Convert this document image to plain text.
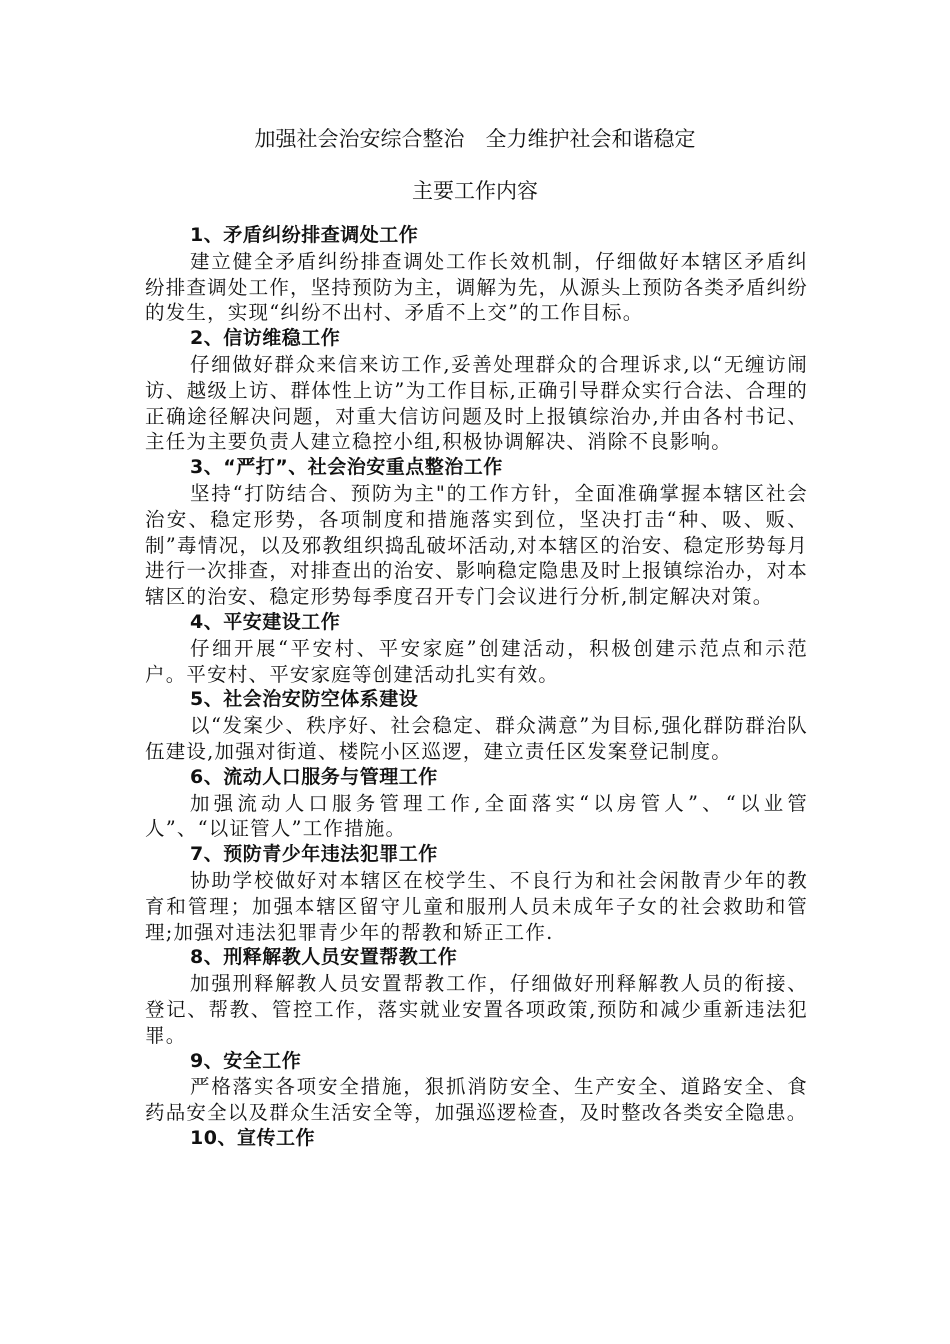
加强社会治安综合整治　全力维护社会和谐稳定
主要工作内容

1、矛盾纠纷排查调处工作

建立健全矛盾纠纷排查调处工作长效机制，仔细做好本辖区矛盾纠纷排查调处工作，坚持预防为主，调解为先，从源头上预防各类矛盾纠纷的发生，实现“纠纷不出村、矛盾不上交”的工作目标。

2、信访维稳工作

仔细做好群众来信来访工作,妥善处理群众的合理诉求,以“无缠访闹访、越级上访、群体性上访”为工作目标,正确引导群众实行合法、合理的正确途径解决问题，对重大信访问题及时上报镇综治办,并由各村书记、主任为主要负责人建立稳控小组,积极协调解决、消除不良影响。

3、“严打”、社会治安重点整治工作

坚持“打防结合、预防为主"的工作方针，全面准确掌握本辖区社会治安、稳定形势，各项制度和措施落实到位，坚决打击“种、吸、贩、制”毒情况，以及邪教组织捣乱破坏活动,对本辖区的治安、稳定形势每月进行一次排查，对排查出的治安、影响稳定隐患及时上报镇综治办，对本辖区的治安、稳定形势每季度召开专门会议进行分析,制定解决对策。

4、平安建设工作

仔细开展“平安村、平安家庭”创建活动，积极创建示范点和示范户。平安村、平安家庭等创建活动扎实有效。

5、社会治安防空体系建设

以“发案少、秩序好、社会稳定、群众满意”为目标,强化群防群治队伍建设,加强对街道、楼院小区巡逻，建立责任区发案登记制度。

6、流动人口服务与管理工作

加强流动人口服务管理工作,全面落实“以房管人”、“以业管人”、“以证管人”工作措施。

7、预防青少年违法犯罪工作

协助学校做好对本辖区在校学生、不良行为和社会闲散青少年的教育和管理；加强本辖区留守儿童和服刑人员未成年子女的社会救助和管理;加强对违法犯罪青少年的帮教和矫正工作.

8、刑释解教人员安置帮教工作

加强刑释解教人员安置帮教工作，仔细做好刑释解教人员的衔接、登记、帮教、管控工作，落实就业安置各项政策,预防和减少重新违法犯罪。

9、安全工作

严格落实各项安全措施，狠抓消防安全、生产安全、道路安全、食药品安全以及群众生活安全等，加强巡逻检查，及时整改各类安全隐患。

10、宣传工作
